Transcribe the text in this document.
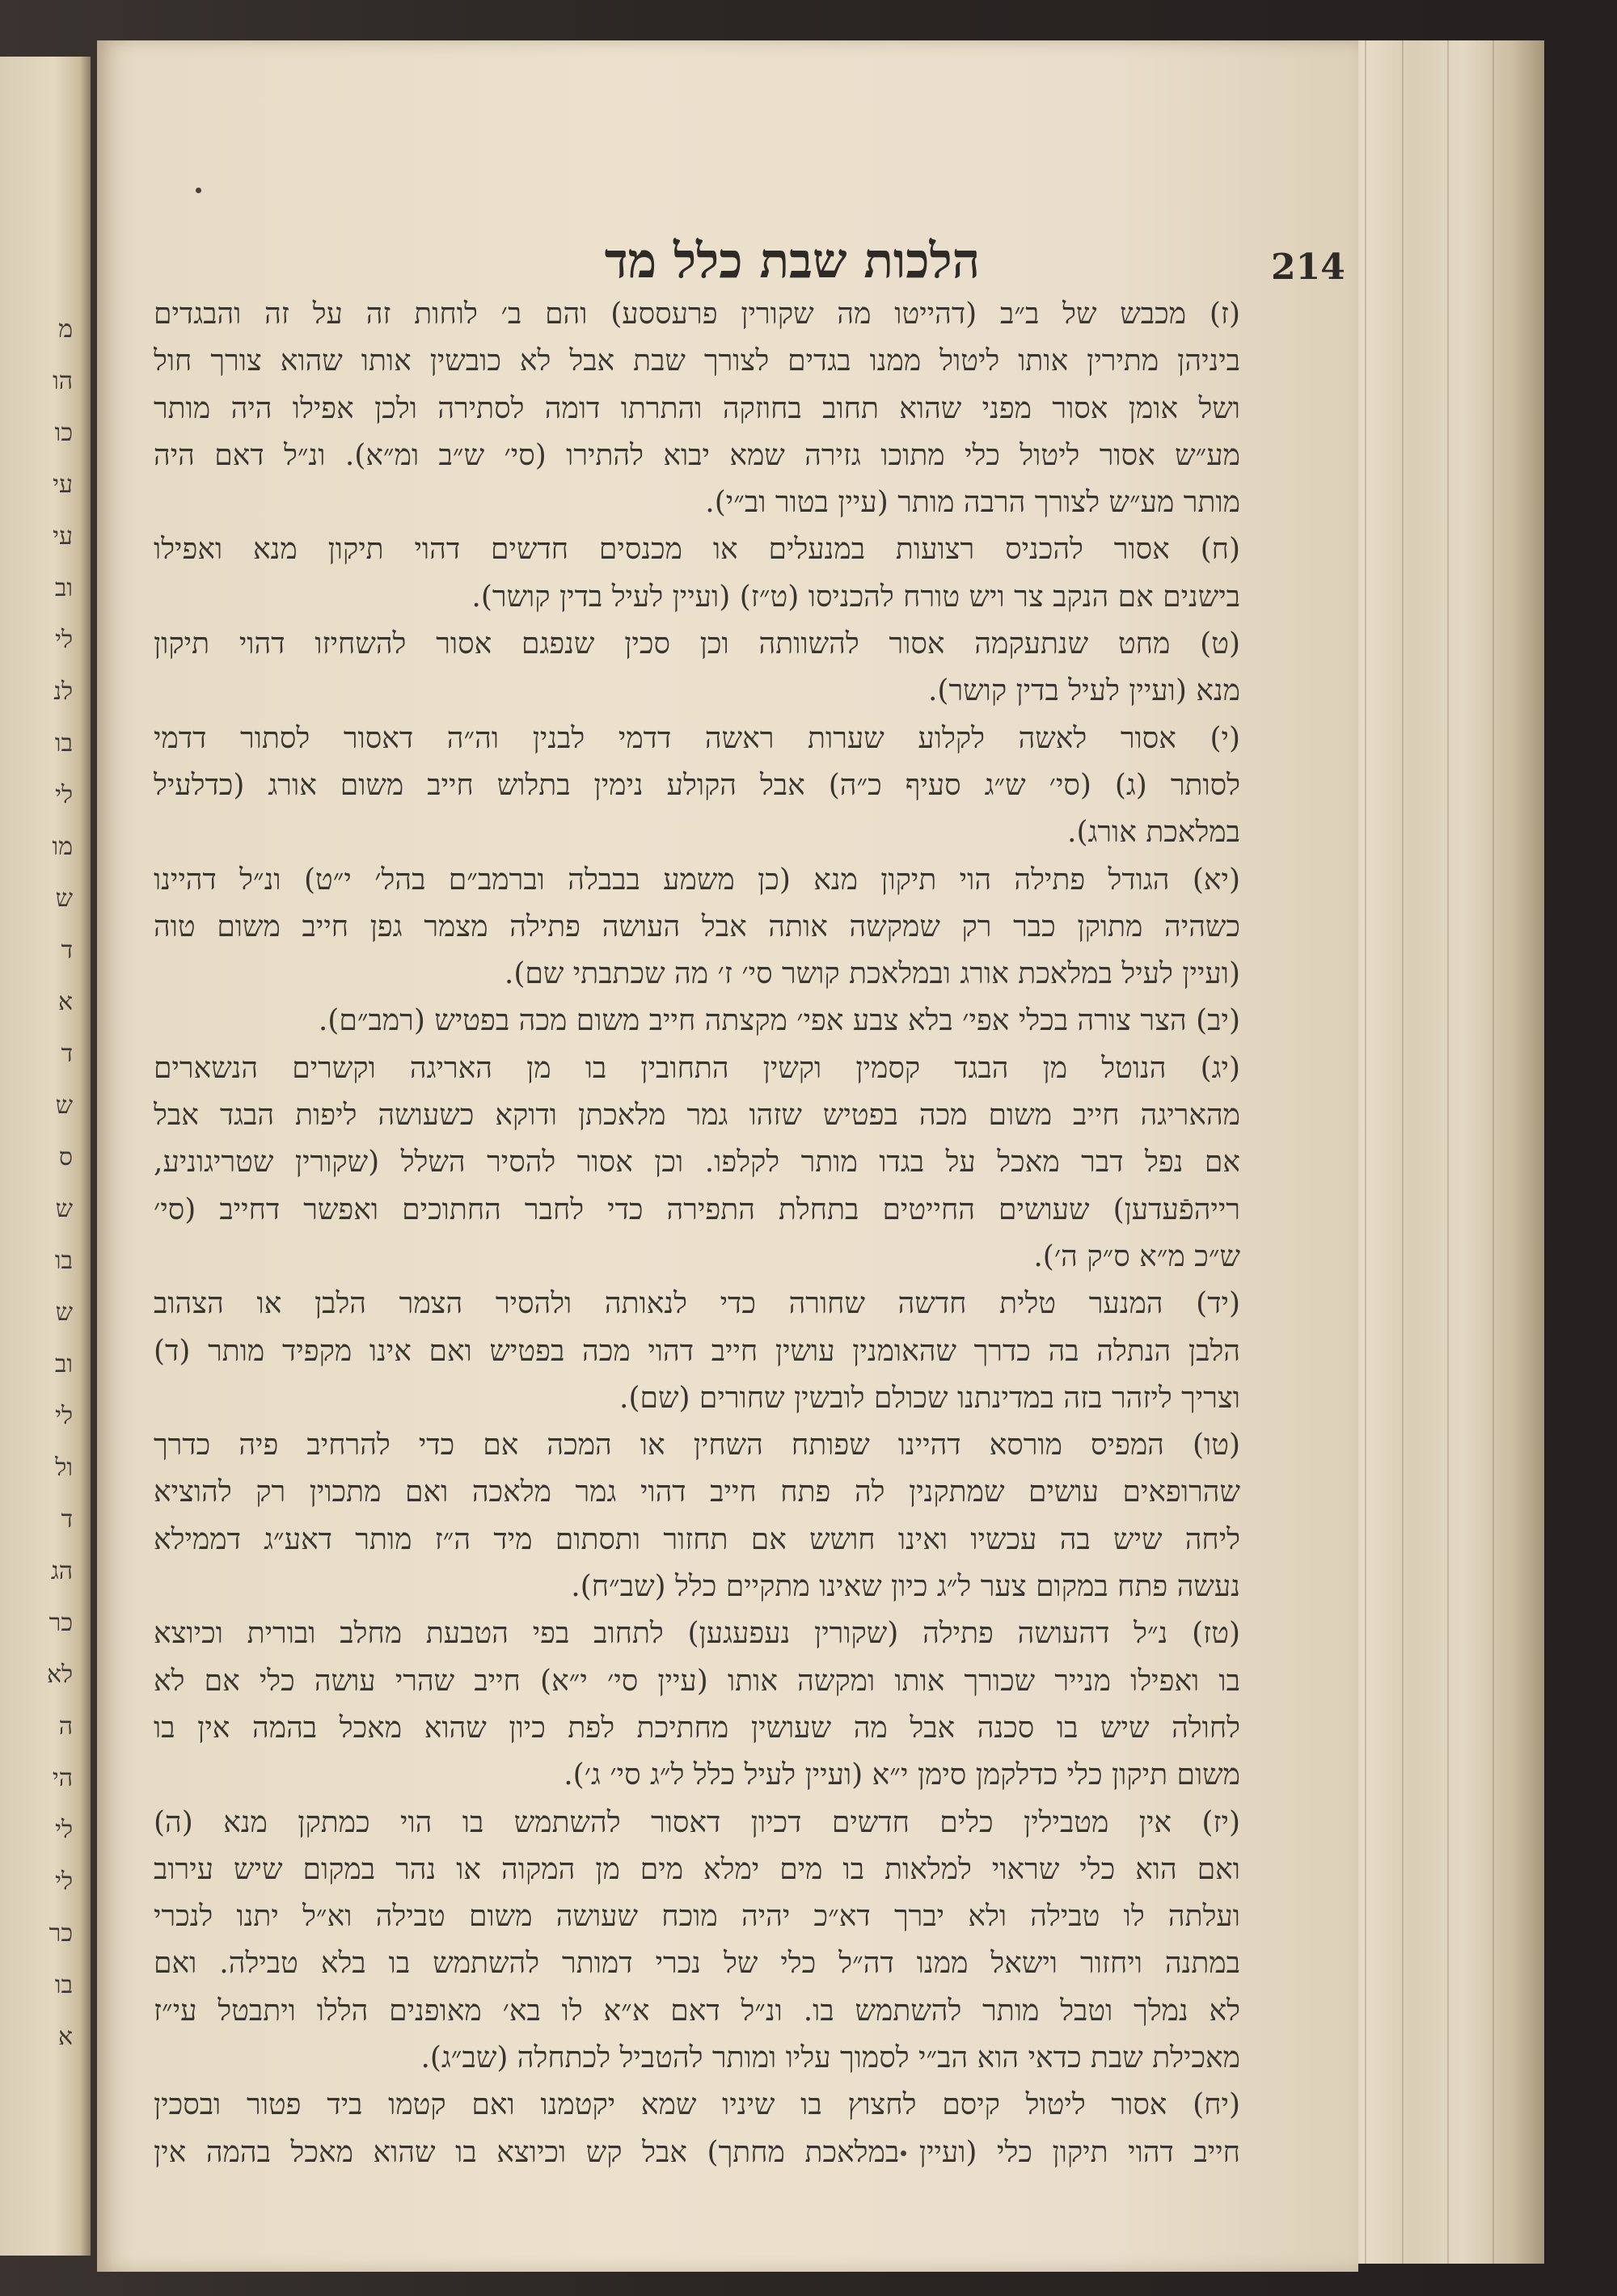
מ
הו
כו
עי
עי
וב
לי
לנ
בו
לי
מו
ש
ד
א
ד
ש
ס
ש
בו
ש
וב
לי
ול
ד
הג
כר
לא
ה
הי
לי
לי
כר
בו
א
214
הלכות שבת כלל מד
(ז) מכבש של ב״ב (דהייטו מה שקורין פרעססע) והם ב׳ לוחות זה על זה והבגדים
ביניהן מתירין אותו ליטול ממנו בגדים לצורך שבת אבל לא כובשין אותו שהוא צורך חול
ושל אומן אסור מפני שהוא תחוב בחוזקה והתרתו דומה לסתירה ולכן אפילו היה מותר
מע״ש אסור ליטול כלי מתוכו גזירה שמא יבוא להתירו (סי׳ ש״ב ומ״א). ונ״ל דאם היה
מותר מע״ש לצורך הרבה מותר (עיין בטור וב״י).
(ח) אסור להכניס רצועות במנעלים או מכנסים חדשים דהוי תיקון מנא ואפילו
בישנים אם הנקב צר ויש טורח להכניסו (ט״ז) (ועיין לעיל בדין קושר).
(ט) מחט שנתעקמה אסור להשוותה וכן סכין שנפגם אסור להשחיזו דהוי תיקון
מנא (ועיין לעיל בדין קושר).
(י) אסור לאשה לקלוע שערות ראשה דדמי לבנין וה״ה דאסור לסתור דדמי
לסותר (ג) (סי׳ ש״ג סעיף כ״ה) אבל הקולע נימין בתלוש חייב משום אורג (כדלעיל
במלאכת אורג).
(יא) הגודל פתילה הוי תיקון מנא (כן משמע בבבלה וברמב״ם בהל׳ י״ט) ונ״ל דהיינו
כשהיה מתוקן כבר רק שמקשה אותה אבל העושה פתילה מצמר גפן חייב משום טוה
(ועיין לעיל במלאכת אורג ובמלאכת קושר סי׳ ז׳ מה שכתבתי שם).
(יב) הצר צורה בכלי אפי׳ בלא צבע אפי׳ מקצתה חייב משום מכה בפטיש (רמב״ם).
(יג) הנוטל מן הבגד קסמין וקשין התחובין בו מן האריגה וקשרים הנשארים
מהאריגה חייב משום מכה בפטיש שזהו גמר מלאכתן ודוקא כשעושה ליפות הבגד אבל
אם נפל דבר מאכל על בגדו מותר לקלפו. וכן אסור להסיר השלל (שקורין שטריגוניע,
רייהפֿעדען) שעושים החייטים בתחלת התפירה כדי לחבר החתוכים ואפשר דחייב (סי׳
ש״כ מ״א ס״ק ה׳).
(יד) המנער טלית חדשה שחורה כדי לנאותה ולהסיר הצמר הלבן או הצהוב
הלבן הנתלה בה כדרך שהאומנין עושין חייב דהוי מכה בפטיש ואם אינו מקפיד מותר (ד)
וצריך ליזהר בזה במדינתנו שכולם לובשין שחורים (שם).
(טו) המפיס מורסא דהיינו שפותח השחין או המכה אם כדי להרחיב פיה כדרך
שהרופאים עושים שמתקנין לה פתח חייב דהוי גמר מלאכה ואם מתכוין רק להוציא
ליחה שיש בה עכשיו ואינו חושש אם תחזור ותסתום מיד ה״ז מותר דאע״ג דממילא
נעשה פתח במקום צער ל״ג כיון שאינו מתקיים כלל (שב״ח).
(טז) נ״ל דהעושה פתילה (שקורין נעפעגען) לתחוב בפי הטבעת מחלב ובורית וכיוצא
בו ואפילו מנייר שכורך אותו ומקשה אותו (עיין סי׳ י״א) חייב שהרי עושה כלי אם לא
לחולה שיש בו סכנה אבל מה שעושין מחתיכת לפת כיון שהוא מאכל בהמה אין בו
משום תיקון כלי כדלקמן סימן י״א (ועיין לעיל כלל ל״ג סי׳ ג׳).
(יז) אין מטבילין כלים חדשים דכיון דאסור להשתמש בו הוי כמתקן מנא (ה)
ואם הוא כלי שראוי למלאות בו מים ימלא מים מן המקוה או נהר במקום שיש עירוב
ועלתה לו טבילה ולא יברך דא״כ יהיה מוכח שעושה משום טבילה וא״ל יתנו לנכרי
במתנה ויחזור וישאל ממנו דה״ל כלי של נכרי דמותר להשתמש בו בלא טבילה. ואם
לא נמלך וטבל מותר להשתמש בו. ונ״ל דאם א״א לו בא׳ מאופנים הללו ויתבטל עי״ז
מאכילת שבת כדאי הוא הב״י לסמוך עליו ומותר להטביל לכתחלה (שב״ג).
(יח) אסור ליטול קיסם לחצוץ בו שיניו שמא יקטמנו ואם קטמו ביד פטור ובסכין
חייב דהוי תיקון כלי (ועיין במלאכת מחתך) אבל קש וכיוצא בו שהוא מאכל בהמה אין
